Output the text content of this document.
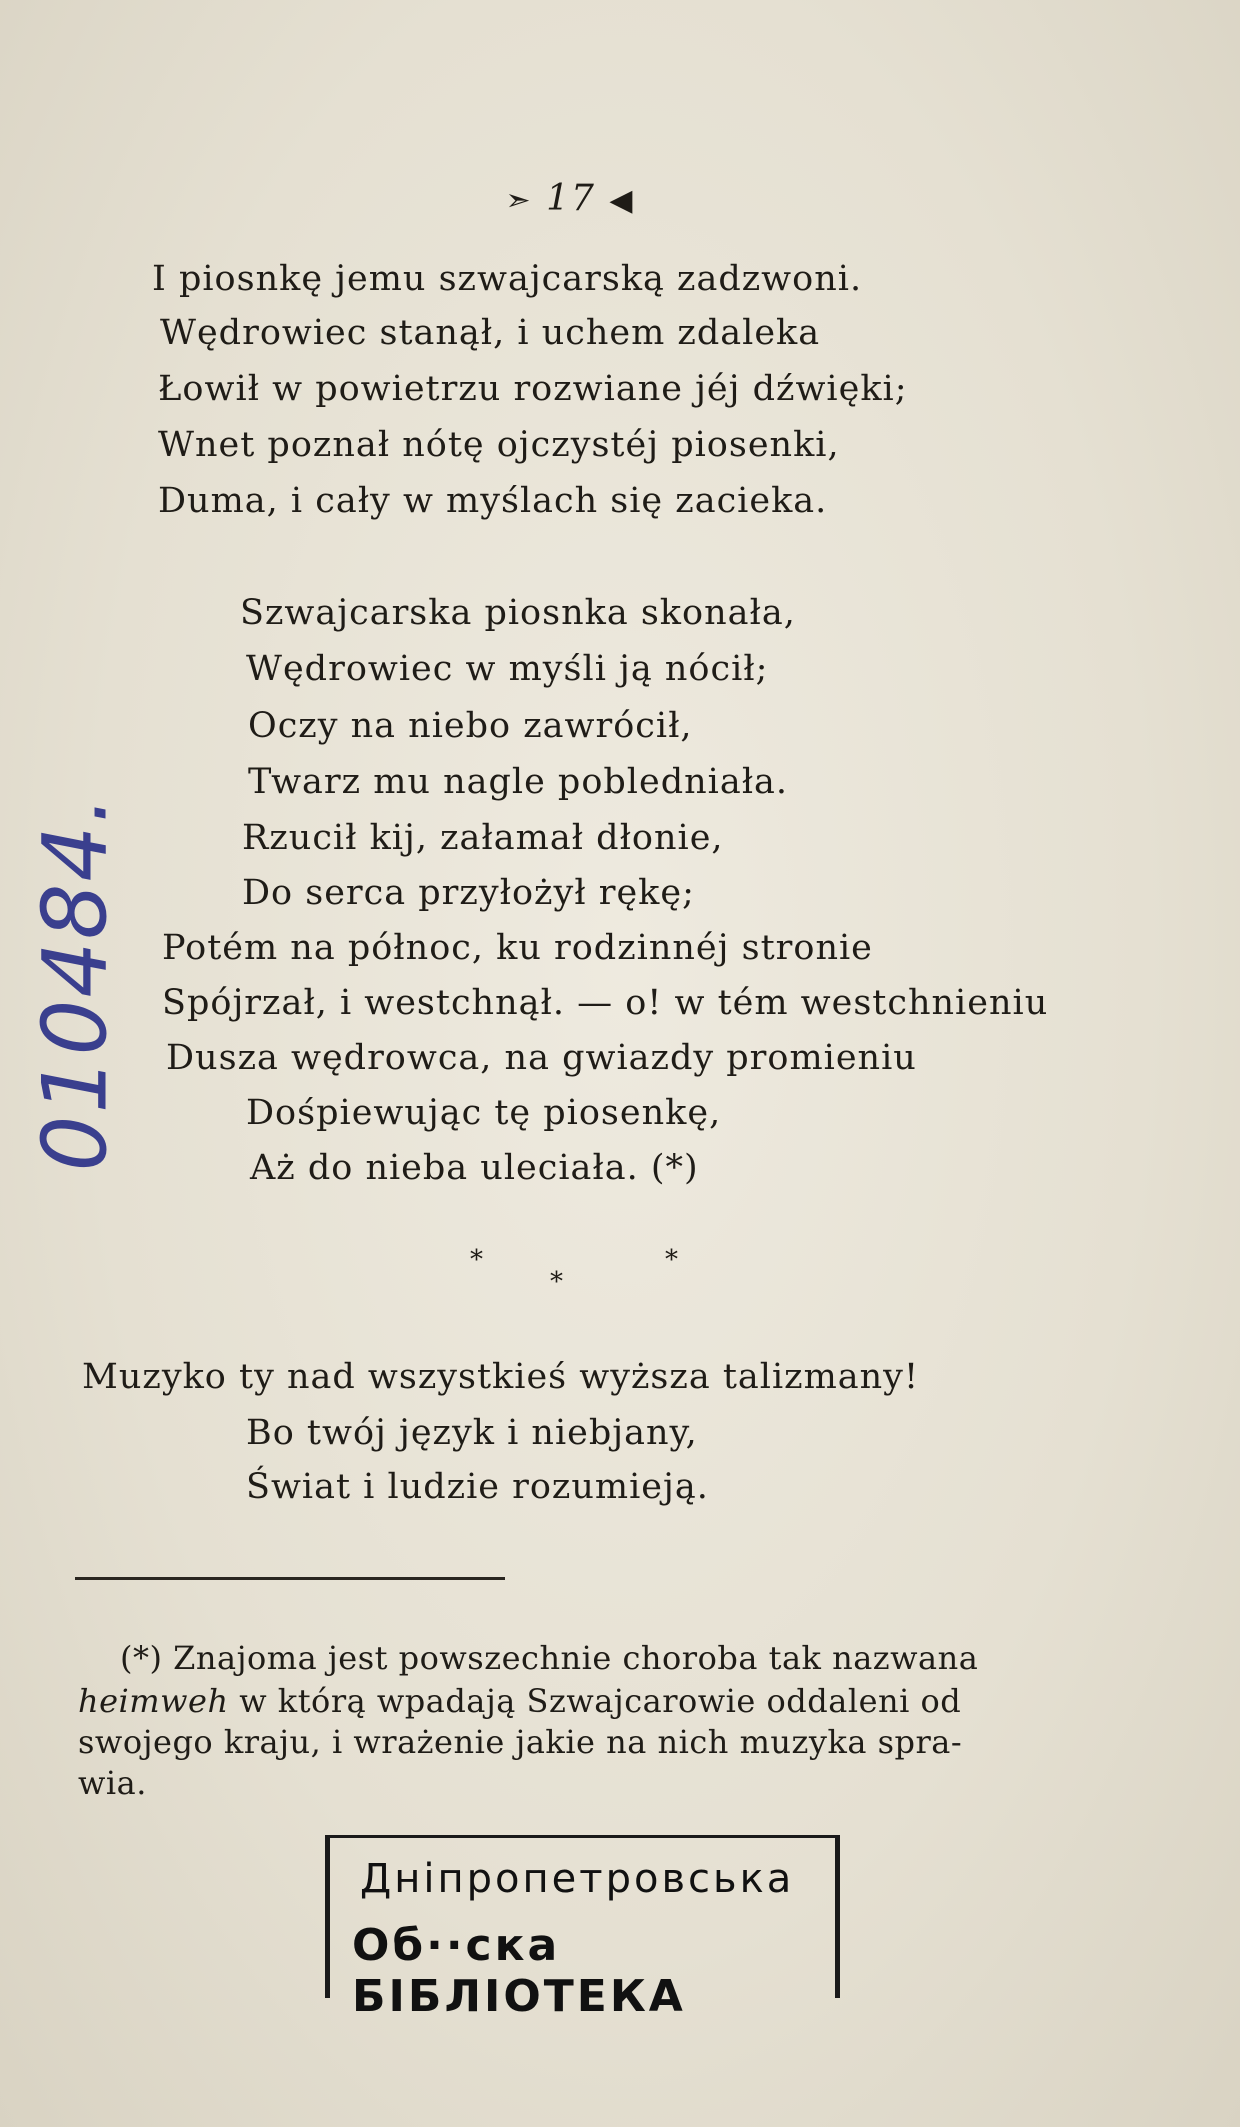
➣ 17 ◀
I piosnkę jemu szwajcarską zadzwoni.
Wędrowiec stanął, i uchem zdaleka
Łowił w powietrzu rozwiane jéj dźwięki;
Wnet poznał nótę ojczystéj piosenki,
Duma, i cały w myślach się zacieka.
Szwajcarska piosnka skonała,
Wędrowiec w myśli ją nócił;
Oczy na niebo zawrócił,
Twarz mu nagle pobledniała.
Rzucił kij, załamał dłonie,
Do serca przyłożył rękę;
Potém na północ, ku rodzinnéj stronie
Spójrzał, i westchnął. — o! w tém westchnieniu
Dusza wędrowca, na gwiazdy promieniu
Dośpiewując tę piosenkę,
Aż do nieba uleciała. (*)
*
*
*
Muzyko ty nad wszystkieś wyższa talizmany!
Bo twój język i niebjany,
Świat i ludzie rozumieją.
(*) Znajoma jest powszechnie choroba tak nazwana
heimweh w którą wpadają Szwajcarowie oddaleni od
swojego kraju, i wrażenie jakie na nich muzyka spra-
wia.
010484.
Дніпропетровська
Об··ска БІБЛІОТЕКА
